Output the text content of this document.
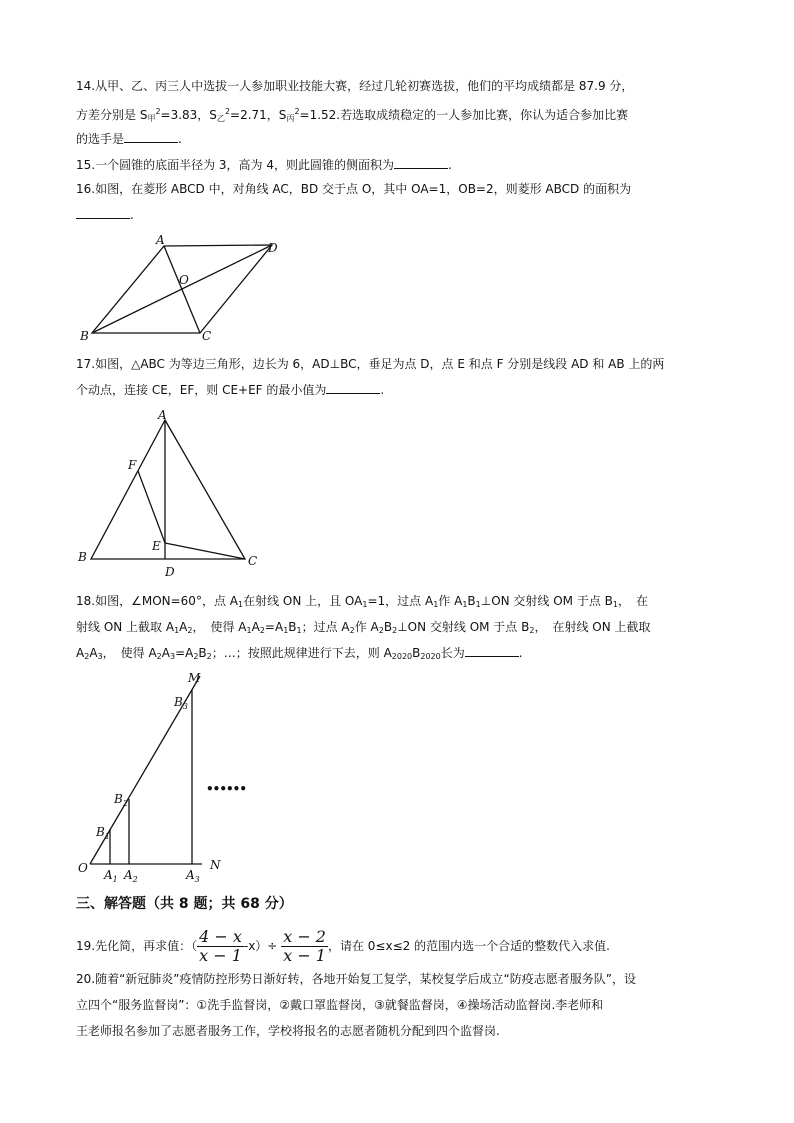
14.从甲、乙、丙三人中选拔一人参加职业技能大赛，经过几轮初赛选拔，他们的平均成绩都是 87.9 分，
方差分别是 $S_甲^2=3.83$，$S_乙^2=2.71$，$S_丙^2=1.52$.若选取成绩稳定的一人参加比赛，你认为适合参加比赛
的选手是	.
15.一个圆锥的底面半径为 3，高为 4，则此圆锥的侧面积为	.
16.如图，在菱形 ABCD 中，对角线 AC，BD 交于点 O，其中 OA=1，OB=2，则菱形 ABCD 的面积为
.
A
D
O
B	C
17.如图，△ABC 为等边三角形，边长为 6，AD⊥BC，垂足为点 D，点 E 和点 F 分别是线段 AD 和 AB 上的两
个动点，连接 CE，EF，则 CE+EF 的最小值为	.
A
F
E
B	C
D
18.如图，∠MON=60°，点 $A_1$在射线 ON 上，且 $OA_1=1$，过点 $A_1$作 $A_1B_1\perp ON$ 交射线 OM 于点 $B_1$，　在
射线 ON 上截取 $A_1A_2$，　使得 $A_1A_2=A_1B_1$；过点 $A_2$作 $A_2B_2\perp ON$ 交射线 OM 于点 $B_2$，　在射线 ON 上截取
$A_2A_3$，　使得 $A_2A_3=A_2B_2$；…；按照此规律进行下去，则 $A_{2020}B_{2020}$长为	.
M
N
O
$B_3$
$B_2$
$B_1$
$A_1$ $A_2$	$A_3$
••••••
三、解答题（共 8 题；共 68 分）
19.先化简，再求值：（ $\frac{4 - x}{x - 1} -x)\div \frac{x - 2}{x - 1}$ ，请在 0≤x≤2 的范围内选一个合适的整数代入求值.
20.随着“新冠肺炎”疫情防控形势日渐好转，各地开始复工复学，某校复学后成立“防疫志愿者服务队”，设
立四个“服务监督岗”：①洗手监督岗，②戴口罩监督岗，③就餐监督岗，④操场活动监督岗.李老师和
王老师报名参加了志愿者服务工作，学校将报名的志愿者随机分配到四个监督岗.
